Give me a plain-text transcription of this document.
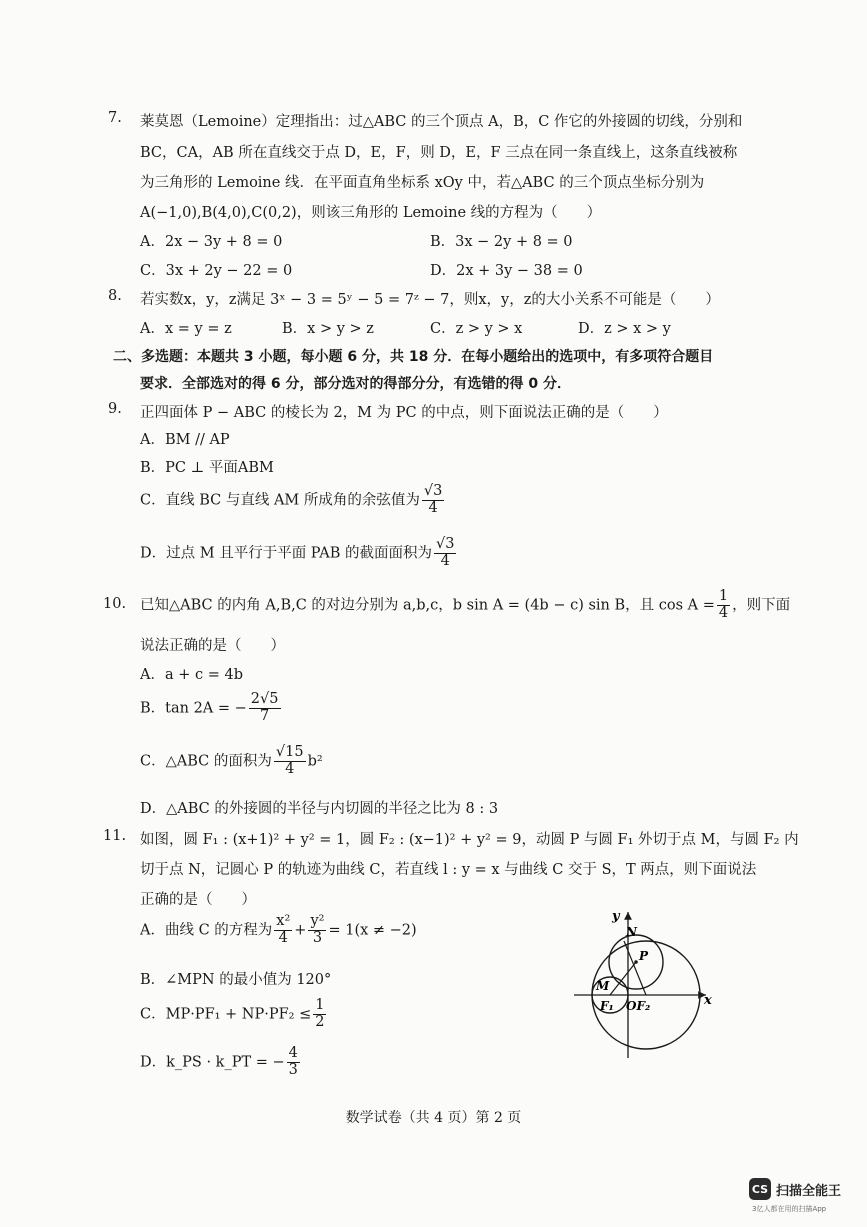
7. 莱莫恩（Lemoine）定理指出：过△ABC 的三个顶点 A，B，C 作它的外接圆的切线，分别和
BC，CA，AB 所在直线交于点 D，E，F，则 D，E，F 三点在同一条直线上，这条直线被称
为三角形的 Lemoine 线．在平面直角坐标系 xOy 中，若△ABC 的三个顶点坐标分别为
A(−1,0),B(4,0),C(0,2)，则该三角形的 Lemoine 线的方程为（　　）
A．2x − 3y + 8 = 0	B．3x − 2y + 8 = 0
C．3x + 2y − 22 = 0	D．2x + 3y − 38 = 0
8. 若实数x，y，z满足 3ˣ − 3 = 5ʸ − 5 = 7ᶻ − 7，则x，y，z的大小关系不可能是（　　）
A．x = y = z	B．x > y > z	C．z > y > x	D．z > x > y
二、多选题：本题共 3 小题，每小题 6 分，共 18 分．在每小题给出的选项中，有多项符合题目
要求．全部选对的得 6 分，部分选对的得部分分，有选错的得 0 分．
9. 正四面体 P − ABC 的棱长为 2，M 为 PC 的中点，则下面说法正确的是（　　）
A．BM // AP
B．PC ⊥ 平面ABM
C．直线 BC 与直线 AM 所成角的余弦值为 $\frac{√3}{4}$
D．过点 M 且平行于平面 PAB 的截面面积为 $\frac{√3}{4}$
10. 已知△ABC 的内角 A,B,C 的对边分别为 a,b,c，b sin A = (4b − c) sin B，且 $\cos A = \frac{1}{4}$ ，则下面
说法正确的是（　　）
A．a + c = 4b
B．tan 2A = − $\frac{2√5}{7}$
C．△ABC 的面积为 $\frac{√15}{4} b^2$
D．△ABC 的外接圆的半径与内切圆的半径之比为 8 : 3
11. 如图，圆 F₁ : (x+1)² + y² = 1，圆 F₂ : (x−1)² + y² = 9，动圆 P 与圆 F₁ 外切于点 M，与圆 F₂ 内
切于点 N，记圆心 P 的轨迹为曲线 C，若直线 l : y = x 与曲线 C 交于 S，T 两点，则下面说法
正确的是（　　）
A．曲线 C 的方程为 $\frac{\text{x²}}{4} + \frac{\text{y²}}{3} = 1(x \ne -2)$
B．∠MPN 的最小值为 120°
C．$MP\cdot PF_1 + NP\cdot PF_2 \le \frac{1}{2}$
D．k_PS · k_PT = − $\frac{4}{3}$
y
x
N
P
M
F₁ OF₂
数学试卷（共 4 页）第 2 页
CS 扫描全能王
3亿人都在用的扫描App
